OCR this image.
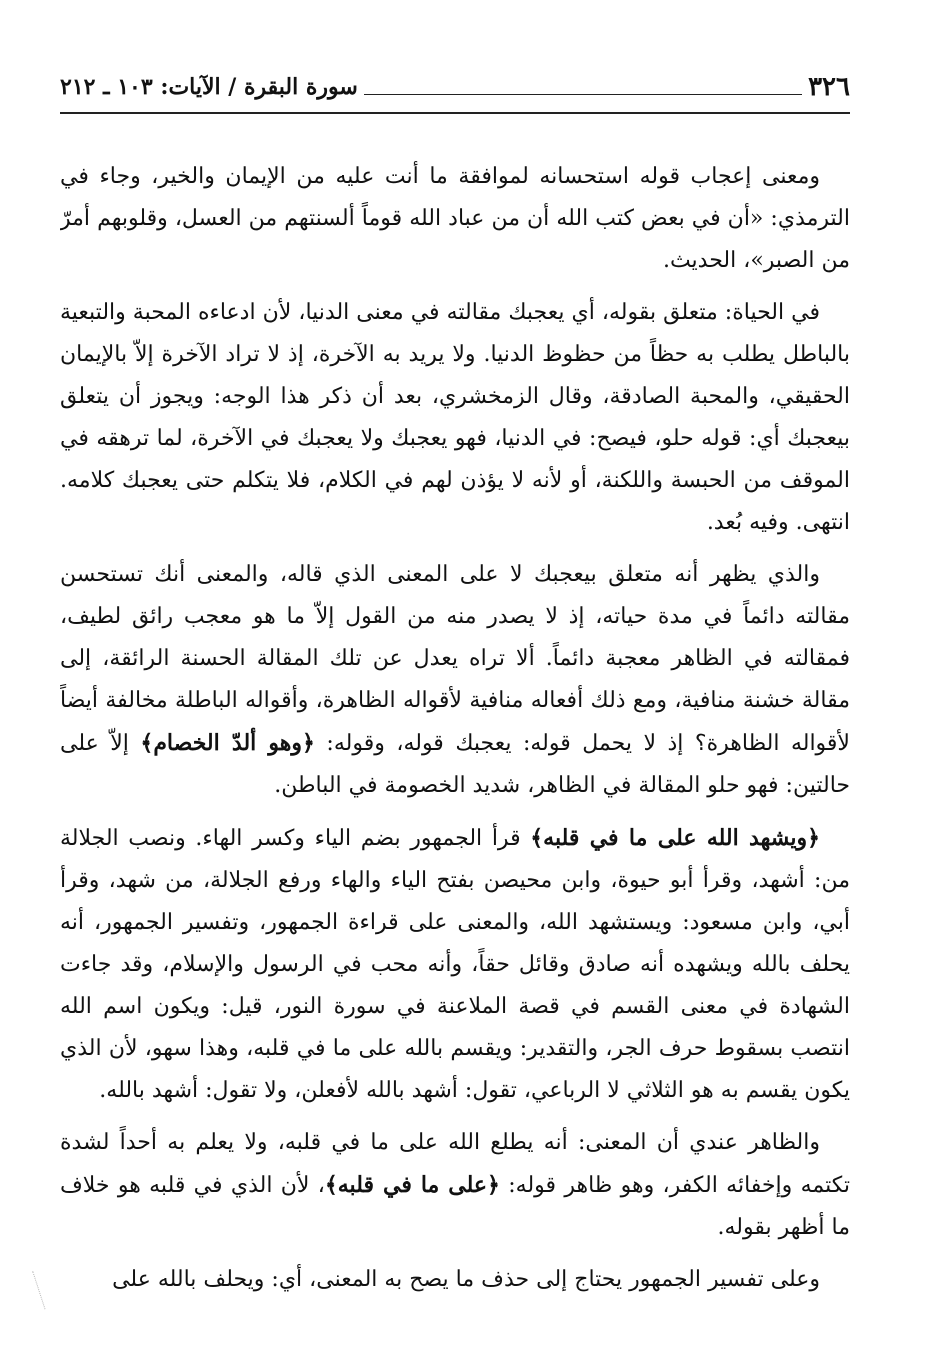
٣٢٦
سورة البقرة / الآيات: ١٠٣ ـ ٢١٢

ومعنى إعجاب قوله استحسانه لموافقة ما أنت عليه من الإيمان والخير، وجاء في الترمذي: «أن في بعض كتب الله أن من عباد الله قوماً ألسنتهم من العسل، وقلوبهم أمرّ من الصبر»، الحديث.

في الحياة: متعلق بقوله، أي يعجبك مقالته في معنى الدنيا، لأن ادعاءه المحبة والتبعية بالباطل يطلب به حظاً من حظوظ الدنيا. ولا يريد به الآخرة، إذ لا تراد الآخرة إلاّ بالإيمان الحقيقي، والمحبة الصادقة، وقال الزمخشري، بعد أن ذكر هذا الوجه: ويجوز أن يتعلق بيعجبك أي: قوله حلو، فيصح: في الدنيا، فهو يعجبك ولا يعجبك في الآخرة، لما ترهقه في الموقف من الحبسة واللكنة، أو لأنه لا يؤذن لهم في الكلام، فلا يتكلم حتى يعجبك كلامه. انتهى. وفيه بُعد.

والذي يظهر أنه متعلق بيعجبك لا على المعنى الذي قاله، والمعنى أنك تستحسن مقالته دائماً في مدة حياته، إذ لا يصدر منه من القول إلاّ ما هو معجب رائق لطيف، فمقالته في الظاهر معجبة دائماً. ألا تراه يعدل عن تلك المقالة الحسنة الرائقة، إلى مقالة خشنة منافية، ومع ذلك أفعاله منافية لأقواله الظاهرة، وأقواله الباطلة مخالفة أيضاً لأقواله الظاهرة؟ إذ لا يحمل قوله: يعجبك قوله، وقوله: ﴿وهو ألدّ الخصام﴾ إلاّ على حالتين: فهو حلو المقالة في الظاهر، شديد الخصومة في الباطن.

﴿ويشهد الله على ما في قلبه﴾ قرأ الجمهور بضم الياء وكسر الهاء. ونصب الجلالة من: أشهد، وقرأ أبو حيوة، وابن محيصن بفتح الياء والهاء ورفع الجلالة، من شهد، وقرأ أبي، وابن مسعود: ويستشهد الله، والمعنى على قراءة الجمهور، وتفسير الجمهور، أنه يحلف بالله ويشهده أنه صادق وقائل حقاً، وأنه محب في الرسول والإسلام، وقد جاءت الشهادة في معنى القسم في قصة الملاعنة في سورة النور، قيل: ويكون اسم الله انتصب بسقوط حرف الجر، والتقدير: ويقسم بالله على ما في قلبه، وهذا سهو، لأن الذي يكون يقسم به هو الثلاثي لا الرباعي، تقول: أشهد بالله لأفعلن، ولا تقول: أشهد بالله.

والظاهر عندي أن المعنى: أنه يطلع الله على ما في قلبه، ولا يعلم به أحداً لشدة تكتمه وإخفائه الكفر، وهو ظاهر قوله: ﴿على ما في قلبه﴾، لأن الذي في قلبه هو خلاف ما أظهر بقوله.

وعلى تفسير الجمهور يحتاج إلى حذف ما يصح به المعنى، أي: ويحلف بالله على
